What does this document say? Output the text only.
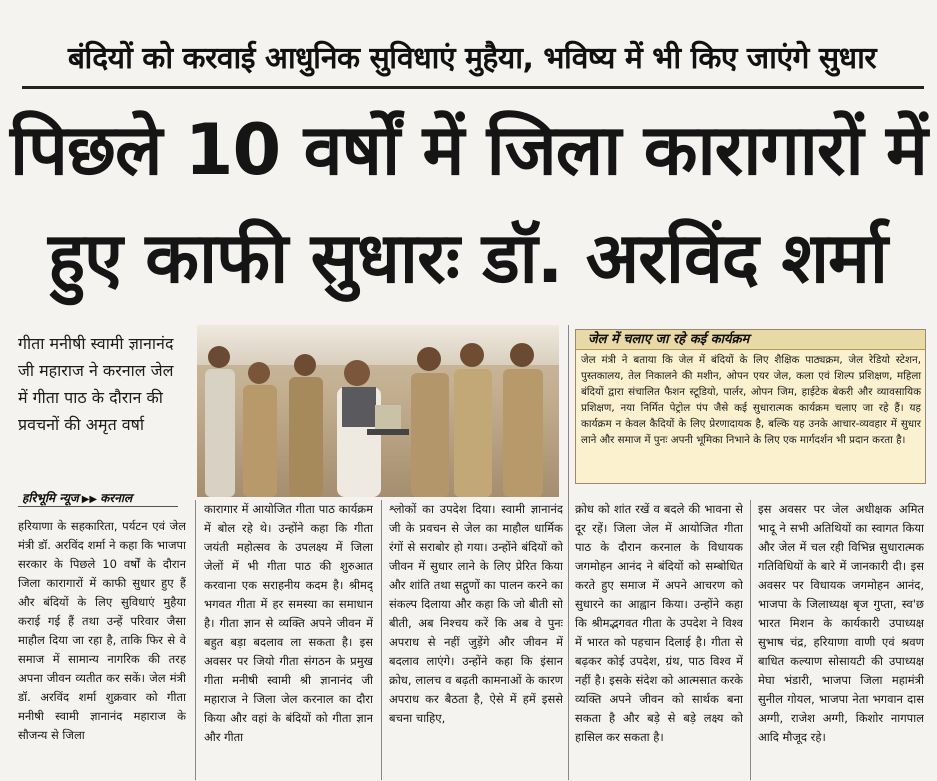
बंदियों को करवाई आधुनिक सुविधाएं मुहैया, भविष्य में भी किए जाएंगे सुधार
पिछले 10 वर्षों में जिला कारागारों में
हुए काफी सुधारः डॉ. अरविंद शर्मा
गीता मनीषी स्वामी ज्ञानानंद जी महाराज ने करनाल जेल में गीता पाठ के दौरान की प्रवचनों की अमृत वर्षा
हरिभूमि न्यूज ▶▶ करनाल
जेल में चलाए जा रहे कई कार्यक्रम
जेल मंत्री ने बताया कि जेल में बंदियों के लिए शैक्षिक पाठ्यक्रम, जेल रेडियो स्टेशन, पुस्तकालय, तेल निकालने की मशीन, ओपन एयर जेल, कला एवं शिल्प प्रशिक्षण, महिला बंदियों द्वारा संचालित फैशन स्टूडियो, पार्लर, ओपन जिम, हाईटेक बेकरी और व्यावसायिक प्रशिक्षण, नया निर्मित पेट्रोल पंप जैसे कई सुधारात्मक कार्यक्रम चलाए जा रहे हैं। यह कार्यक्रम न केवल कैदियों के लिए प्रेरणादायक है, बल्कि यह उनके आचार-व्यवहार में सुधार लाने और समाज में पुनः अपनी भूमिका निभाने के लिए एक मार्गदर्शन भी प्रदान करता है।
हरियाणा के सहकारिता, पर्यटन एवं जेल मंत्री डॉ. अरविंद शर्मा ने कहा कि भाजपा सरकार के पिछले 10 वर्षों के दौरान जिला कारागारों में काफी सुधार हुए हैं और बंदियों के लिए सुविधाएं मुहैया कराई गई हैं तथा उन्हें परिवार जैसा माहौल दिया जा रहा है, ताकि फिर से वे समाज में सामान्य नागरिक की तरह अपना जीवन व्यतीत कर सकें। जेल मंत्री डॉ. अरविंद शर्मा शुक्रवार को गीता मनीषी स्वामी ज्ञानानंद महाराज के सौजन्य से जिला
कारागार में आयोजित गीता पाठ कार्यक्रम में बोल रहे थे। उन्होंने कहा कि गीता जयंती महोत्सव के उपलक्ष्य में जिला जेलों में भी गीता पाठ की शुरुआत करवाना एक सराहनीय कदम है। श्रीमद् भगवत गीता में हर समस्या का समाधान है। गीता ज्ञान से व्यक्ति अपने जीवन में बहुत बड़ा बदलाव ला सकता है। इस अवसर पर जियो गीता संगठन के प्रमुख गीता मनीषी स्वामी श्री ज्ञानानंद जी महाराज ने जिला जेल करनाल का दौरा किया और वहां के बंदियों को गीता ज्ञान और गीता
श्लोकों का उपदेश दिया। स्वामी ज्ञानानंद जी के प्रवचन से जेल का माहौल धार्मिक रंगों से सराबोर हो गया। उन्होंने बंदियों को जीवन में सुधार लाने के लिए प्रेरित किया और शांति तथा सद्गुणों का पालन करने का संकल्प दिलाया और कहा कि जो बीती सो बीती, अब निश्चय करें कि अब वे पुनः अपराध से नहीं जुड़ेंगे और जीवन में बदलाव लाएंगे। उन्होंने कहा कि इंसान क्रोध, लालच व बढ़ती कामनाओं के कारण अपराध कर बैठता है, ऐसे में हमें इससे बचना चाहिए,
क्रोध को शांत रखें व बदले की भावना से दूर रहें। जिला जेल में आयोजित गीता पाठ के दौरान करनाल के विधायक जगमोहन आनंद ने बंदियों को सम्बोधित करते हुए समाज में अपने आचरण को सुधारने का आह्वान किया। उन्होंने कहा कि श्रीमद्भगवत गीता के उपदेश ने विश्व में भारत को पहचान दिलाई है। गीता से बढ़कर कोई उपदेश, ग्रंथ, पाठ विश्व में नहीं है। इसके संदेश को आत्मसात करके व्यक्ति अपने जीवन को सार्थक बना सकता है और बड़े से बड़े लक्ष्य को हासिल कर सकता है।
इस अवसर पर जेल अधीक्षक अमित भादू ने सभी अतिथियों का स्वागत किया और जेल में चल रही विभिन्न सुधारात्मक गतिविधियों के बारे में जानकारी दी। इस अवसर पर विधायक जगमोहन आनंद, भाजपा के जिलाध्यक्ष बृज गुप्ता, स्व'छ भारत मिशन के कार्यकारी उपाध्यक्ष सुभाष चंद्र, हरियाणा वाणी एवं श्रवण बाधित कल्याण सोसायटी की उपाध्यक्ष मेघा भंडारी, भाजपा जिला महामंत्री सुनील गोयल, भाजपा नेता भगवान दास अग्गी, राजेश अग्गी, किशोर नागपाल आदि मौजूद रहे।
